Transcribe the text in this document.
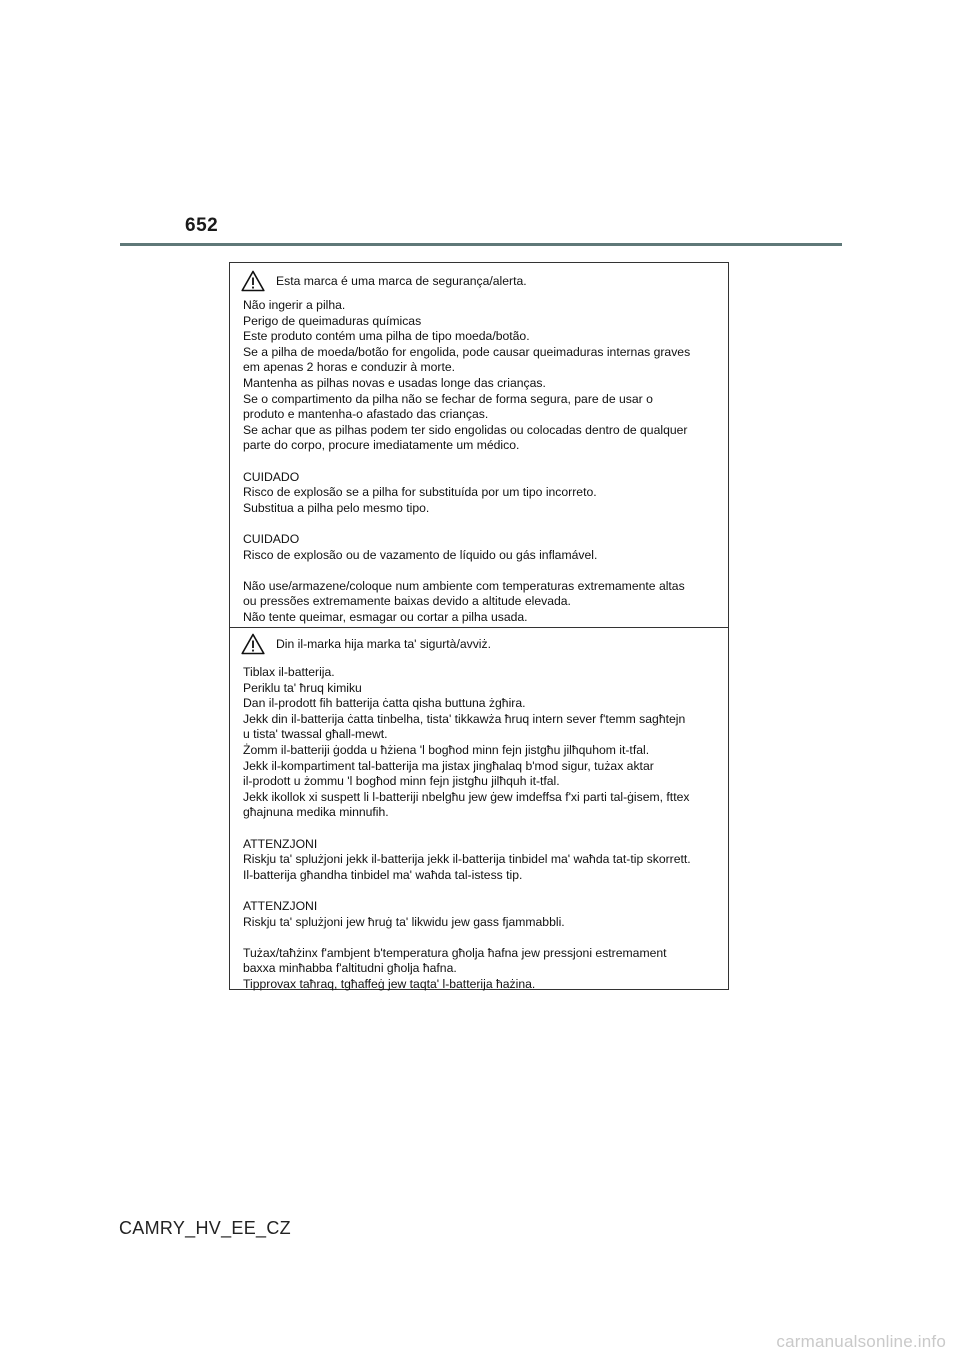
652
Esta marca é uma marca de segurança/alerta.
Não ingerir a pilha.
Perigo de queimaduras químicas
Este produto contém uma pilha de tipo moeda/botão.
Se a pilha de moeda/botão for engolida, pode causar queimaduras internas graves
em apenas 2 horas e conduzir à morte.
Mantenha as pilhas novas e usadas longe das crianças.
Se o compartimento da pilha não se fechar de forma segura, pare de usar o
produto e mantenha-o afastado das crianças.
Se achar que as pilhas podem ter sido engolidas ou colocadas dentro de qualquer
parte do corpo, procure imediatamente um médico.
CUIDADO
Risco de explosão se a pilha for substituída por um tipo incorreto.
Substitua a pilha pelo mesmo tipo.
CUIDADO
Risco de explosão ou de vazamento de líquido ou gás inflamável.
Não use/armazene/coloque num ambiente com temperaturas extremamente altas
ou pressões extremamente baixas devido a altitude elevada.
Não tente queimar, esmagar ou cortar a pilha usada.
Din il-marka hija marka ta' sigurtà/avviż.
Tiblax il-batterija.
Periklu ta' ħruq kimiku
Dan il-prodott fih batterija ċatta qisha buttuna żgħira.
Jekk din il-batterija ċatta tinbelha, tista' tikkawża ħruq intern sever f'temm sagħtejn
u tista' twassal għall-mewt.
Żomm il-batteriji ġodda u ħżiena 'l bogħod minn fejn jistgħu jilħquhom it-tfal.
Jekk il-kompartiment tal-batterija ma jistax jingħalaq b'mod sigur, tużax aktar
il-prodott u żommu 'l bogħod minn fejn jistgħu jilħquh it-tfal.
Jekk ikollok xi suspett li l-batteriji nbelgħu jew ġew imdeffsa f'xi parti tal-ġisem, fttex
għajnuna medika minnufih.
ATTENZJONI
Riskju ta' splużjoni jekk il-batterija jekk il-batterija tinbidel ma' waħda tat-tip skorrett.
Il-batterija għandha tinbidel ma' waħda tal-istess tip.
ATTENZJONI
Riskju ta' splużjoni jew ħruġ ta' likwidu jew gass fjammabbli.
Tużax/taħżinx f'ambjent b'temperatura għolja ħafna jew pressjoni estremament
baxxa minħabba f'altitudni għolja ħafna.
Tipprovax taħraq, tgħaffeġ jew taqta' l-batterija ħażina.
CAMRY_HV_EE_CZ
carmanualsonline.info
